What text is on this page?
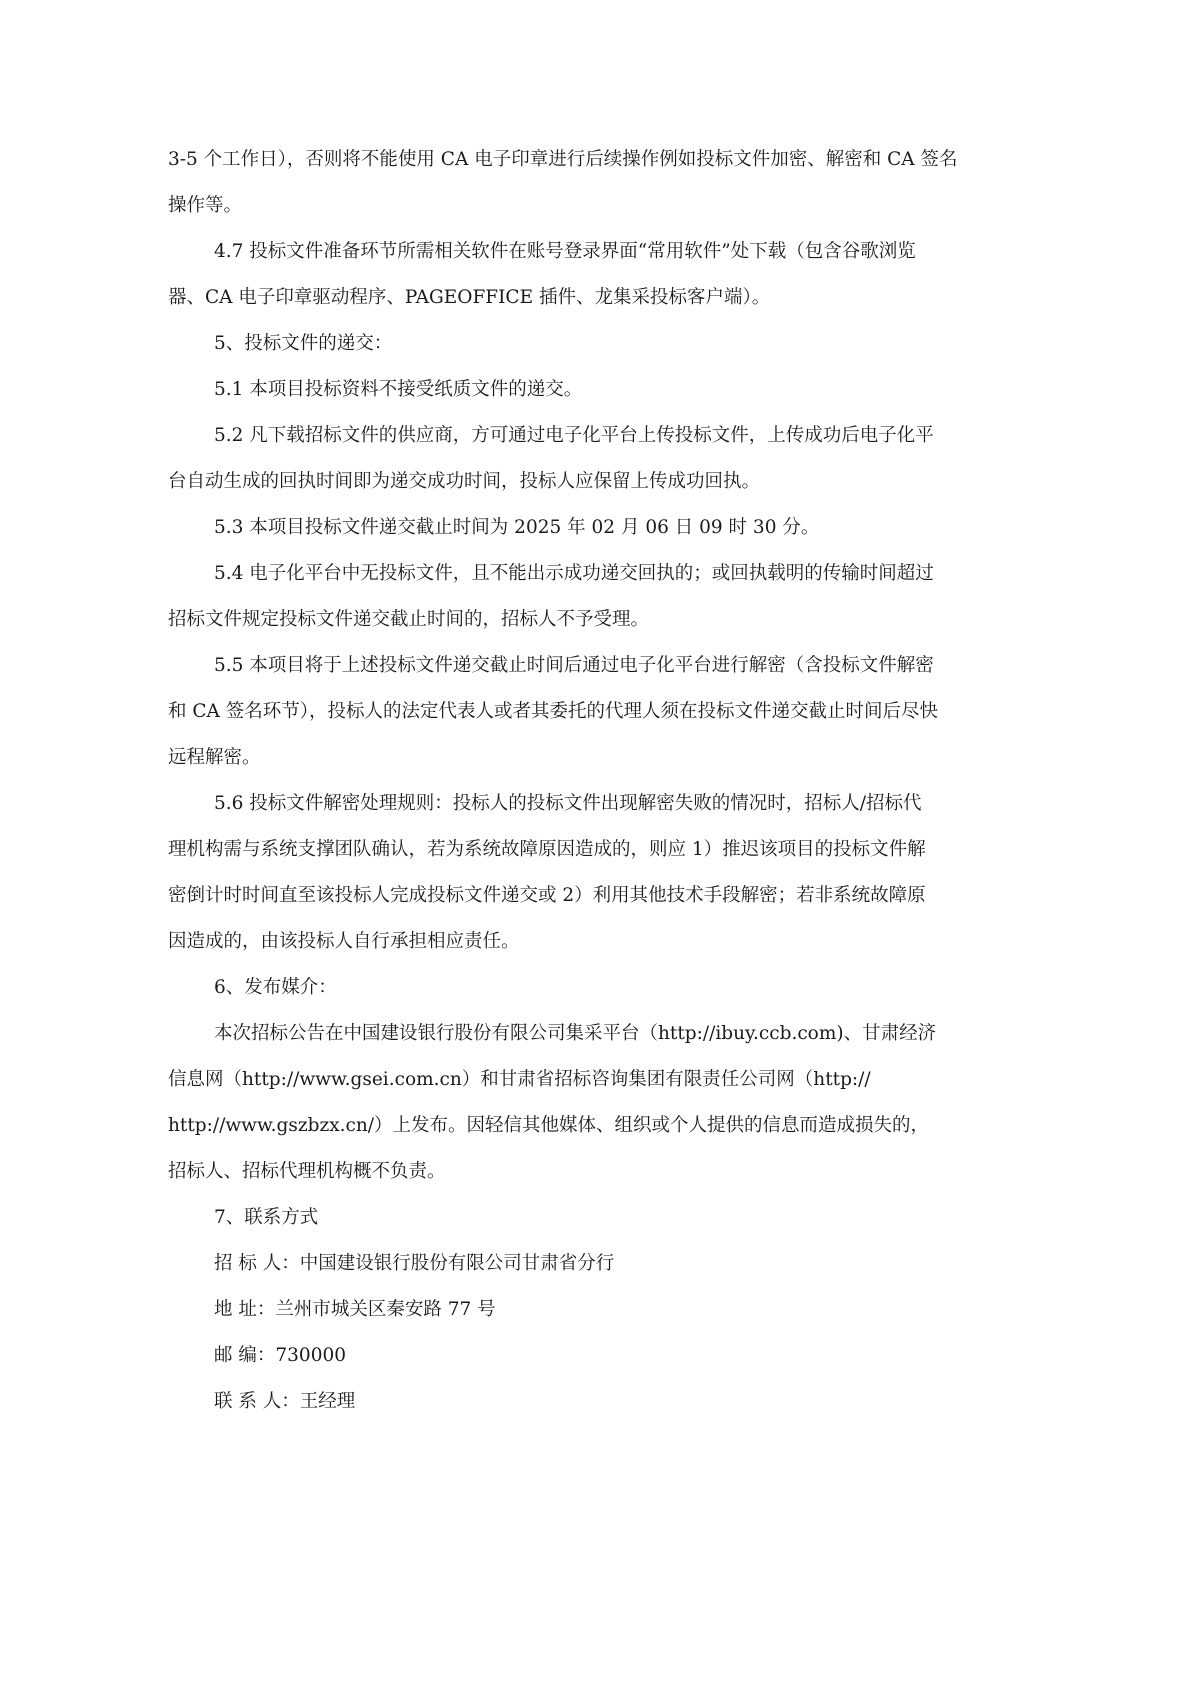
3-5 个工作日），否则将不能使用 CA 电子印章进行后续操作例如投标文件加密、解密和 CA 签名
操作等。
4.7 投标文件准备环节所需相关软件在账号登录界面“常用软件”处下载（包含谷歌浏览
器、CA 电子印章驱动程序、PAGEOFFICE 插件、龙集采投标客户端）。
5、投标文件的递交：
5.1 本项目投标资料不接受纸质文件的递交。
5.2 凡下载招标文件的供应商，方可通过电子化平台上传投标文件，上传成功后电子化平
台自动生成的回执时间即为递交成功时间，投标人应保留上传成功回执。
5.3 本项目投标文件递交截止时间为 2025 年 02 月 06 日 09 时 30 分。
5.4 电子化平台中无投标文件，且不能出示成功递交回执的；或回执载明的传输时间超过
招标文件规定投标文件递交截止时间的，招标人不予受理。
5.5 本项目将于上述投标文件递交截止时间后通过电子化平台进行解密（含投标文件解密
和 CA 签名环节），投标人的法定代表人或者其委托的代理人须在投标文件递交截止时间后尽快
远程解密。
5.6 投标文件解密处理规则：投标人的投标文件出现解密失败的情况时，招标人/招标代
理机构需与系统支撑团队确认，若为系统故障原因造成的，则应 1）推迟该项目的投标文件解
密倒计时时间直至该投标人完成投标文件递交或 2）利用其他技术手段解密；若非系统故障原
因造成的，由该投标人自行承担相应责任。
6、发布媒介：
本次招标公告在中国建设银行股份有限公司集采平台（http://ibuy.ccb.com)、甘肃经济
信息网（http://www.gsei.com.cn）和甘肃省招标咨询集团有限责任公司网（http://
http://www.gszbzx.cn/）上发布。因轻信其他媒体、组织或个人提供的信息而造成损失的，
招标人、招标代理机构概不负责。
7、联系方式
招 标 人：中国建设银行股份有限公司甘肃省分行
地 址：兰州市城关区秦安路 77 号
邮 编：730000
联 系 人：王经理
